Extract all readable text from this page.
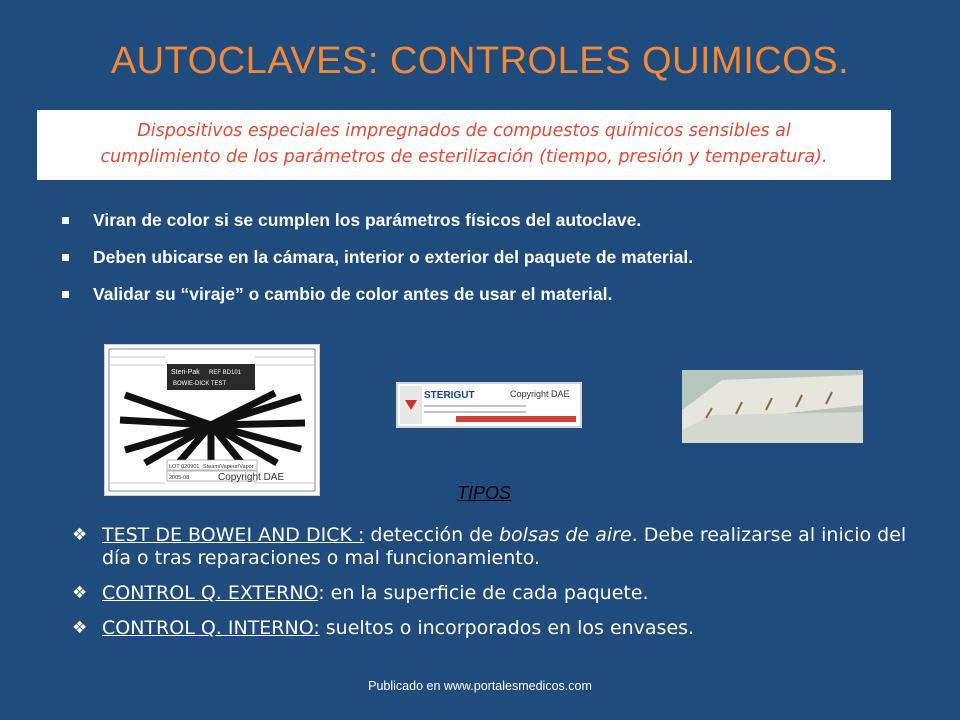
AUTOCLAVES: CONTROLES QUIMICOS.
Dispositivos especiales impregnados de compuestos químicos sensibles al
cumplimiento de los parámetros de esterilización (tiempo, presión y temperatura).
Viran de color si se cumplen los parámetros físicos del autoclave.
Deben ubicarse en la cámara, interior o exterior del paquete de material.
Validar su “viraje” o cambio de color antes de usar el material.
Steri-Pak REF BD101
BOWIE-DICK TEST
LOT 020901
2005-08
Steam/Vapeur/Vapor
Copyright DAE
STERIGUT	Copyright DAE
TIPOS
❖ TEST DE BOWEI AND DICK : detección de bolsas de aire. Debe realizarse al inicio del día o tras reparaciones o mal funcionamiento.
❖ CONTROL Q. EXTERNO: en la superficie de cada paquete.
❖ CONTROL Q. INTERNO: sueltos o incorporados en los envases.
Publicado en www.portalesmedicos.com
